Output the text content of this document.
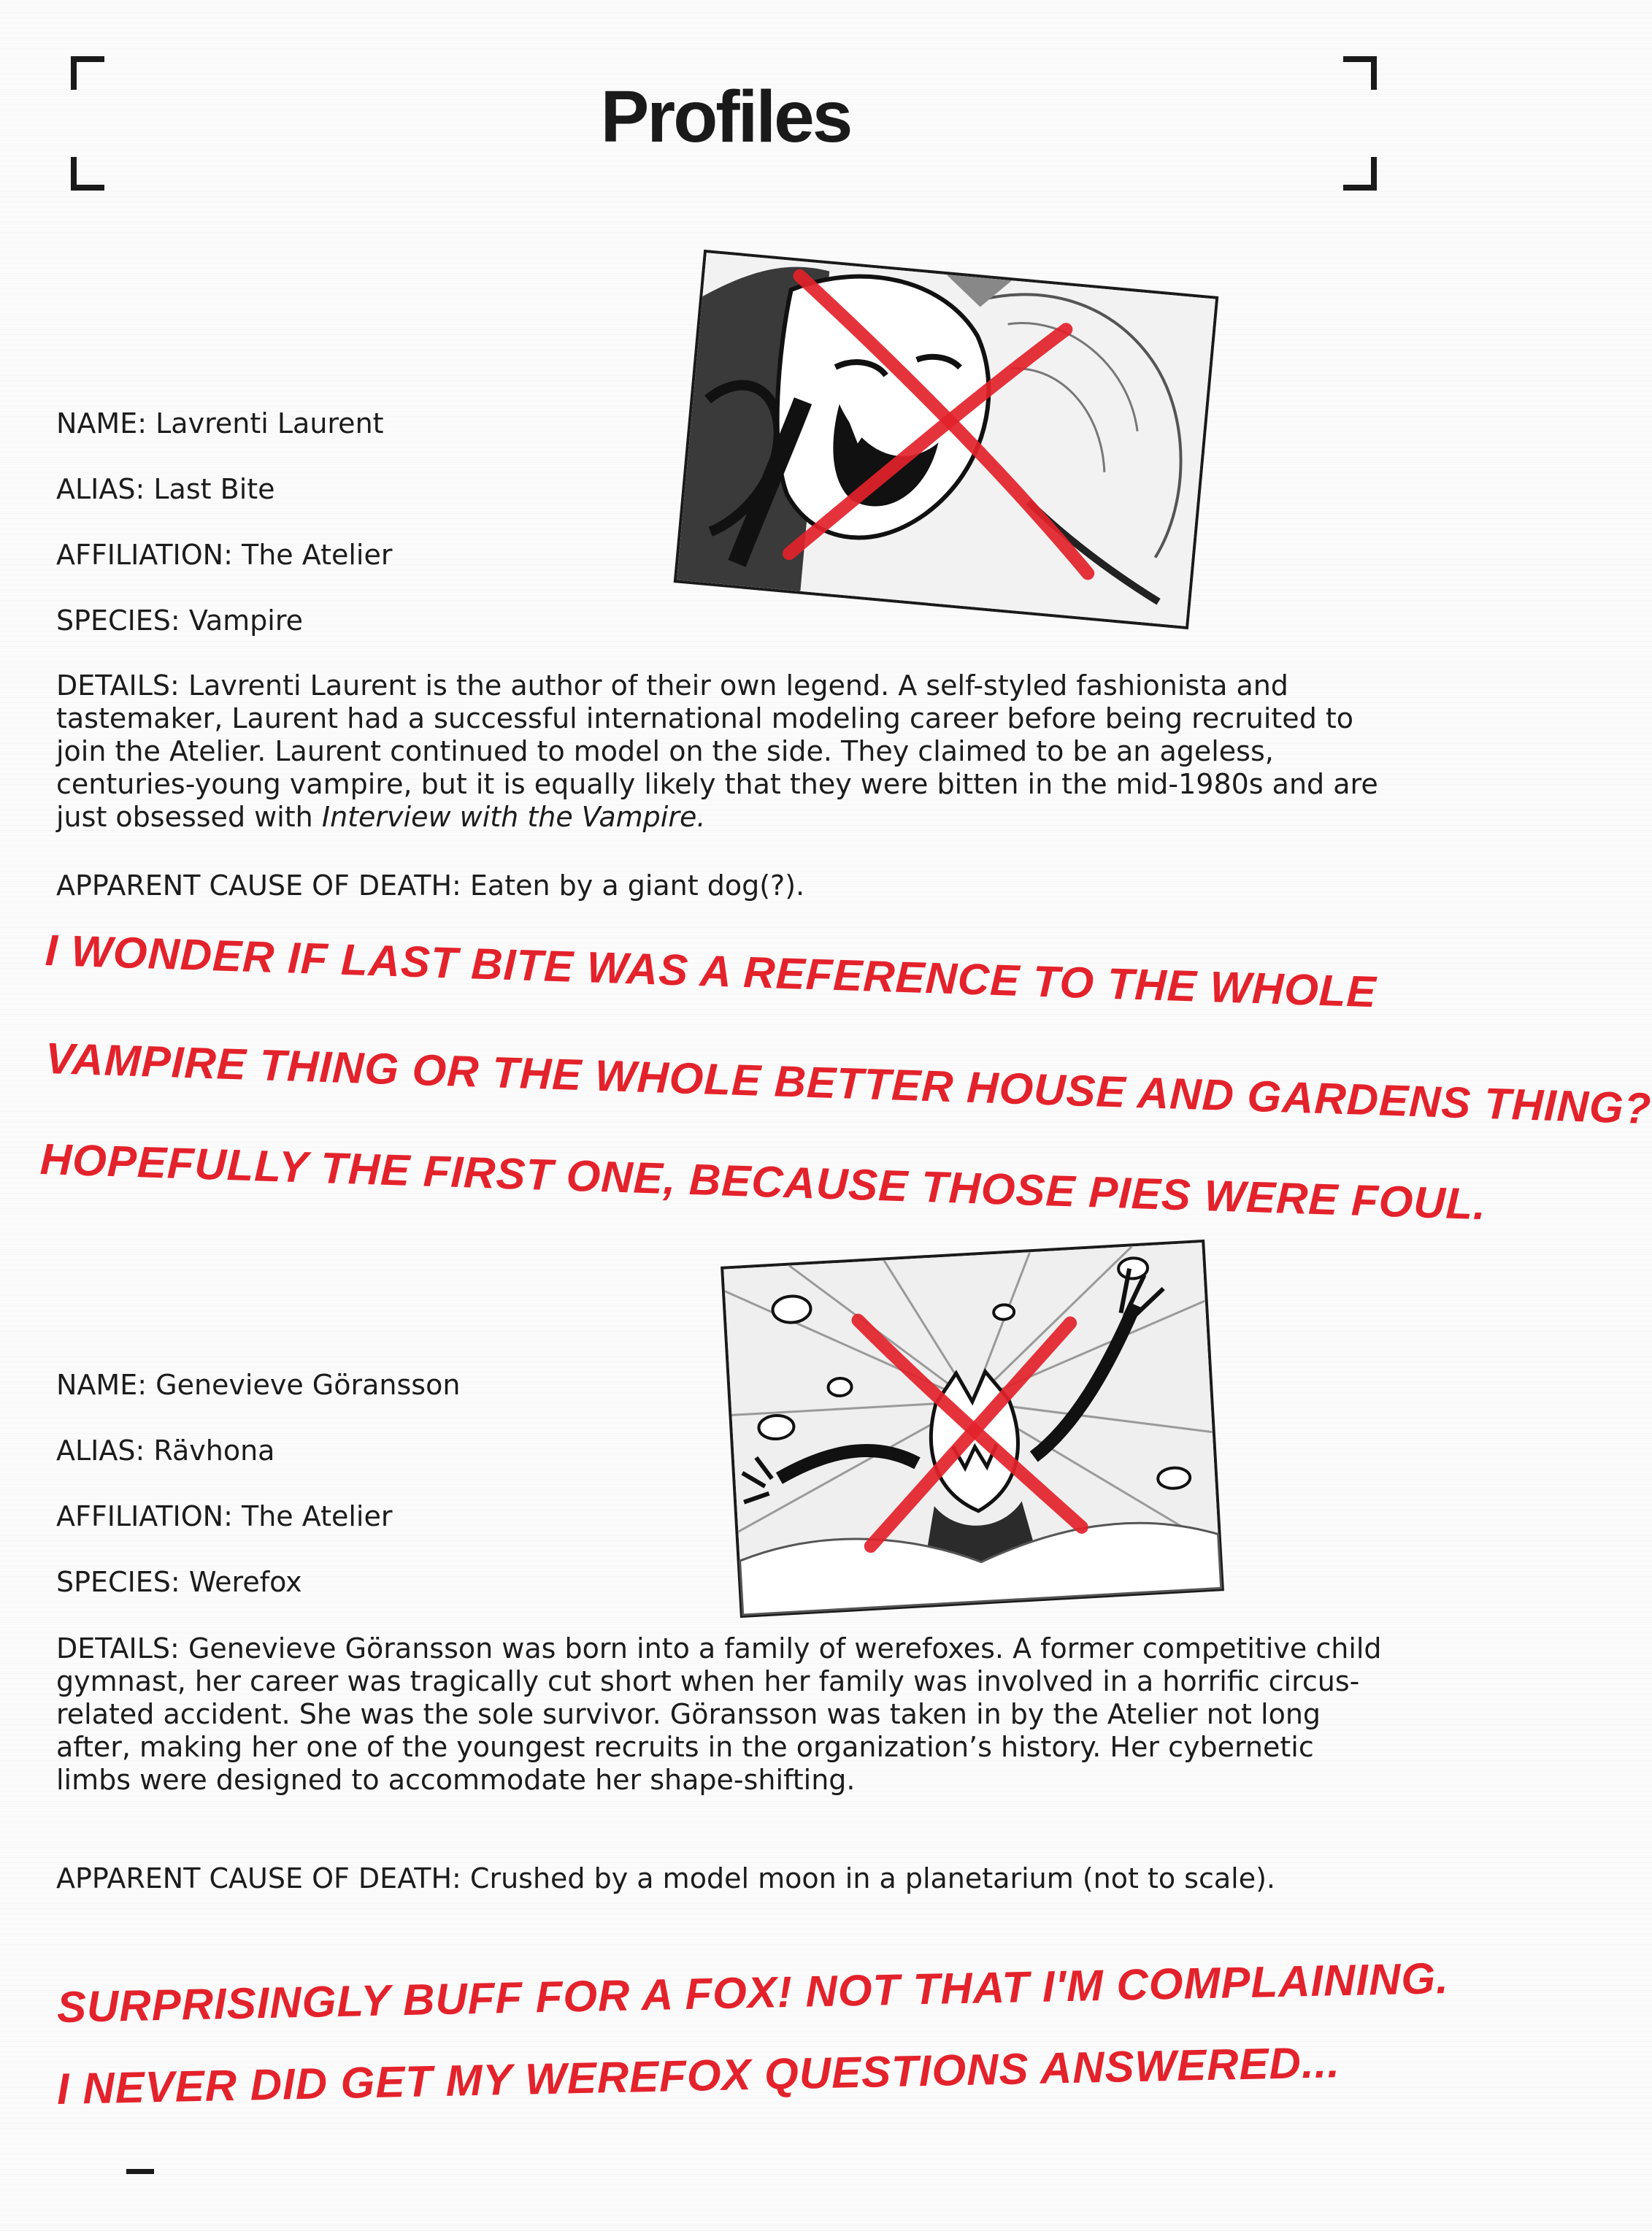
Profiles
NAME: Lavrenti Laurent
ALIAS: Last Bite
AFFILIATION: The Atelier
SPECIES: Vampire

DETAILS: Lavrenti Laurent is the author of their own legend. A self-styled fashionista and tastemaker, Laurent had a successful international modeling career before being recruited to join the Atelier. Laurent continued to model on the side. They claimed to be an ageless, centuries-young vampire, but it is equally likely that they were bitten in the mid-1980s and are just obsessed with Interview with the Vampire.

APPARENT CAUSE OF DEATH: Eaten by a giant dog(?).
I WONDER IF LAST BITE WAS A REFERENCE TO THE WHOLE
VAMPIRE THING OR THE WHOLE BETTER HOUSE AND GARDENS THING?
HOPEFULLY THE FIRST ONE, BECAUSE THOSE PIES WERE FOUL.
NAME: Genevieve Göransson
ALIAS: Rävhona
AFFILIATION: The Atelier
SPECIES: Werefox

DETAILS: Genevieve Göransson was born into a family of werefoxes. A former competitive child gymnast, her career was tragically cut short when her family was involved in a horrific circus-related accident. She was the sole survivor. Göransson was taken in by the Atelier not long after, making her one of the youngest recruits in the organization’s history. Her cybernetic limbs were designed to accommodate her shape-shifting.

APPARENT CAUSE OF DEATH: Crushed by a model moon in a planetarium (not to scale).
SURPRISINGLY BUFF FOR A FOX! NOT THAT I'M COMPLAINING.
I NEVER DID GET MY WEREFOX QUESTIONS ANSWERED...
